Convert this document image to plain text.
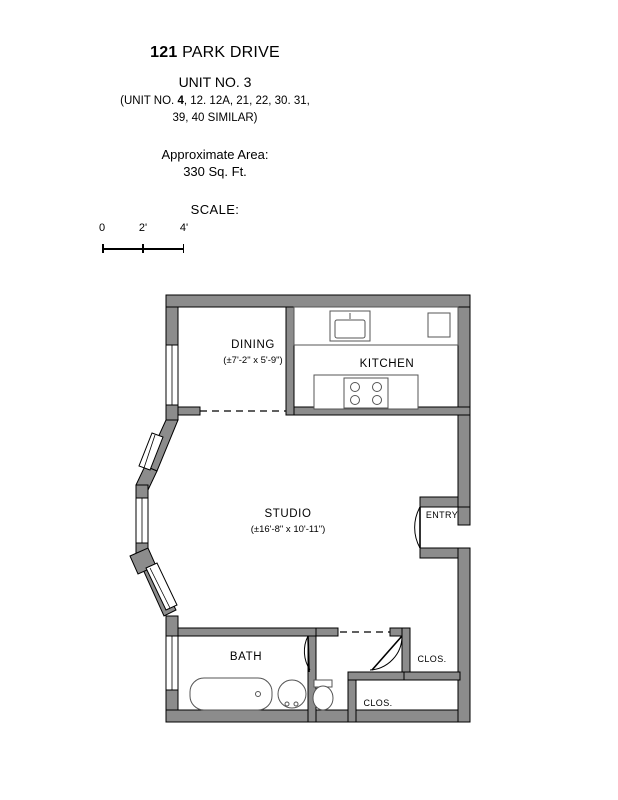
121 PARK DRIVE

UNIT NO. 3

(UNIT NO. 4, 12. 12A, 21, 22, 30. 31,

39, 40 SIMILAR)

Approximate Area:
330 Sq. Ft.
SCALE:
0	2'	4'
DINING
(±7'-2" x 5'-9")	KITCHEN
STUDIO
(±16'-8" x 10'-11")
ENTRY
BATH	CLOS.
CLOS.
